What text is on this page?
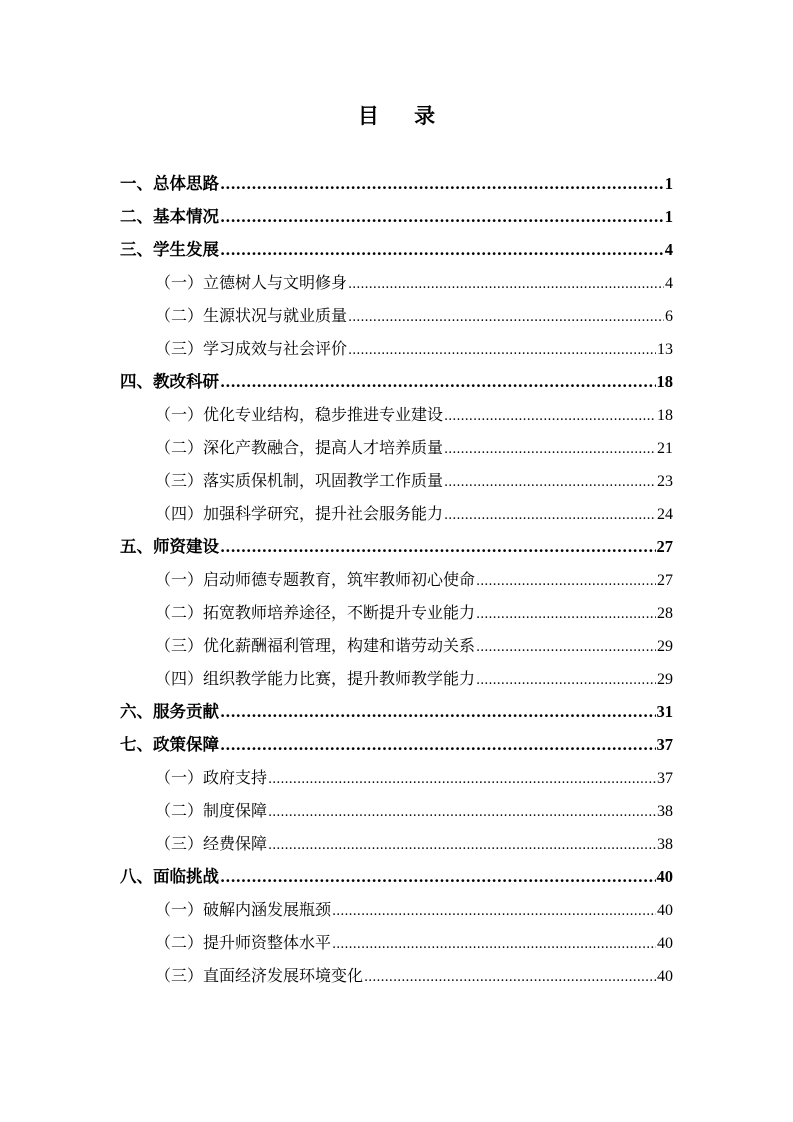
目 录
一、总体思路 .....	1
二、基本情况 .....	1
三、学生发展 .....	4
（一）立德树人与文明修身 .....	4
（二）生源状况与就业质量 .....	6
（三）学习成效与社会评价 .....	13
四、教改科研 .....	18
（一）优化专业结构，稳步推进专业建设 .....	18
（二）深化产教融合，提高人才培养质量 .....	21
（三）落实质保机制，巩固教学工作质量 .....	23
（四）加强科学研究，提升社会服务能力 .....	24
五、师资建设 .....	27
（一）启动师德专题教育，筑牢教师初心使命 .....	27
（二）拓宽教师培养途径，不断提升专业能力 .....	28
（三）优化薪酬福利管理，构建和谐劳动关系 .....	29
（四）组织教学能力比赛，提升教师教学能力 .....	29
六、服务贡献 .....	31
七、政策保障 .....	37
（一）政府支持 .....	37
（二）制度保障 .....	38
（三）经费保障 .....	38
八、面临挑战 .....	40
（一）破解内涵发展瓶颈 .....	40
（二）提升师资整体水平 .....	40
（三）直面经济发展环境变化 .....	40
